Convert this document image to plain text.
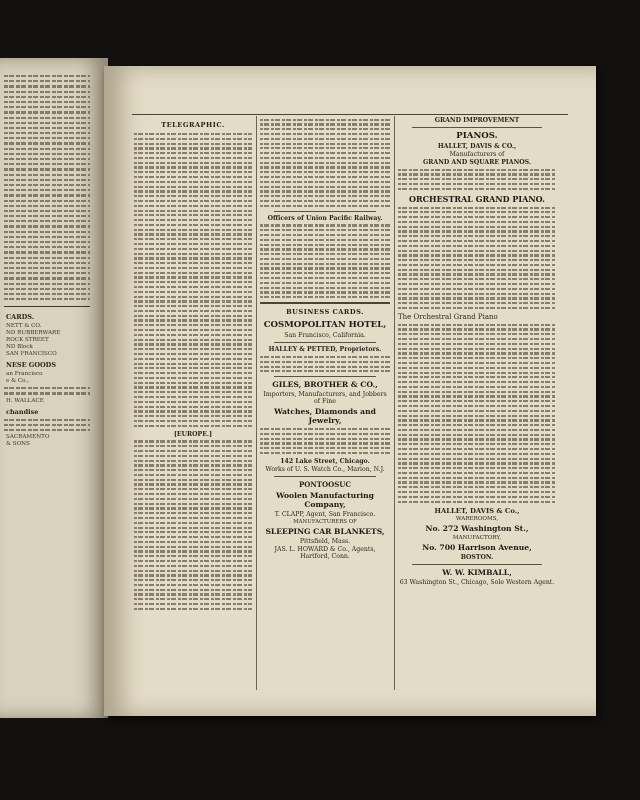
CARDS.
NETT & CO.
ND RUBBERWARE
ROCK STREET
ND Block
SAN FRANCISCO
NESE GOODS
an Francisco
e & Co.,
H. WALLACE
chandise
SACRAMENTO
& SONS
TELEGRAPHIC.
[EUROPE.]
Officers of Union Pacific Railway.
BUSINESS CARDS.
COSMOPOLITAN HOTEL,
San Francisco, California.
HALLEY & PETTED, Proprietors.
GILES, BROTHER & CO.,
Importers, Manufacturers, and Jobbers of Fine
Watches, Diamonds and Jewelry,
142 Lake Street, Chicago.
Works of U. S. Watch Co., Marion, N.J.
PONTOOSUC
Woolen Manufacturing Company,
T. CLAPP, Agent, San Francisco.
MANUFACTURERS OF
SLEEPING CAR BLANKETS,
Pittsfield, Mass.
JAS. L. HOWARD & Co., Agents, Hartford, Conn.
GRAND IMPROVEMENT
PIANOS.
HALLET, DAVIS & CO.,
Manufacturers of
GRAND AND SQUARE PIANOS.
ORCHESTRAL GRAND PIANO.
The Orchestral Grand Piano
HALLET, DAVIS & Co.,
WAREROOMS,
No. 272 Washington St.,
MANUFACTORY,
No. 700 Harrison Avenue,
BOSTON.
W. W. KIMBALL,
63 Washington St., Chicago, Sole Western Agent.
